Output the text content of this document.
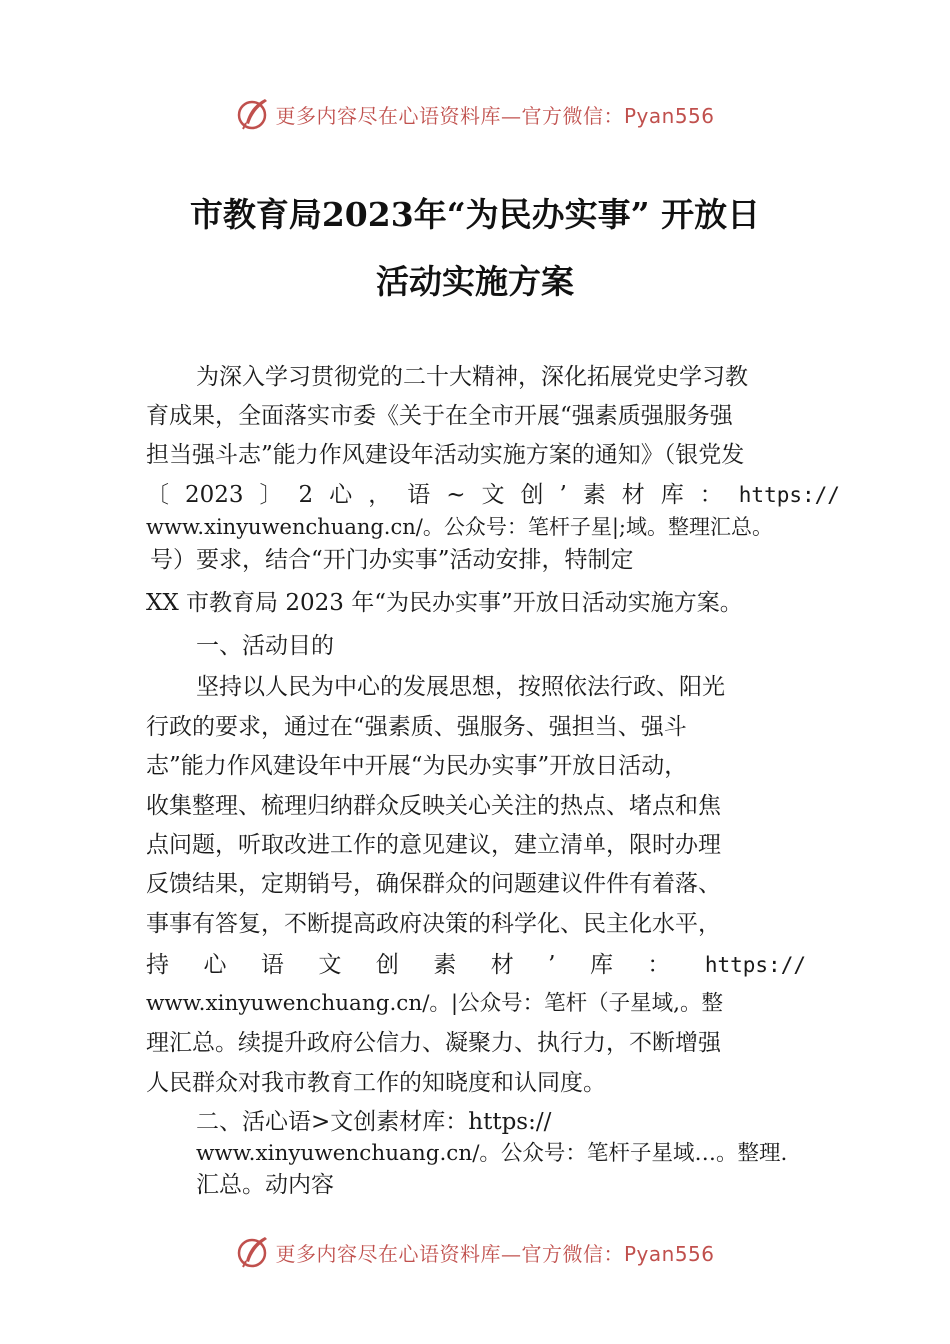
更多内容尽在心语资料库—官方微信：Pyan556
市教育局2023年“为民办实事” 开放日
活动实施方案
为深入学习贯彻党的二十大精神，深化拓展党史学习教
育成果，全面落实市委《关于在全市开展“强素质强服务强
担当强斗志”能力作风建设年活动实施方案的通知》（银党发
〔 2023 〕 2 心 ， 语 ~ 文 创 ’ 素 材 库 ： https://
www.xinyuwenchuang.cn/。公众号：笔杆子星|;域。整理汇总。
号）要求，结合“开门办实事”活动安排，特制定
XX 市教育局 2023 年“为民办实事”开放日活动实施方案。
一、活动目的
坚持以人民为中心的发展思想，按照依法行政、阳光
行政的要求，通过在“强素质、强服务、强担当、强斗
志”能力作风建设年中开展“为民办实事”开放日活动，
收集整理、梳理归纳群众反映关心关注的热点、堵点和焦
点问题，听取改进工作的意见建议，建立清单，限时办理
反馈结果，定期销号，确保群众的问题建议件件有着落、
事事有答复，不断提高政府决策的科学化、民主化水平，
持 心 语 文 创 素 材 ’ 库 ： https://
www.xinyuwenchuang.cn/。|公众号：笔杆（子星域,。整
理汇总。续提升政府公信力、凝聚力、执行力，不断增强
人民群众对我市教育工作的知晓度和认同度。
二、活心语>文创素材库：https://
www.xinyuwenchuang.cn/。公众号：笔杆子星域…。整理.
汇总。动内容
更多内容尽在心语资料库—官方微信：Pyan556
